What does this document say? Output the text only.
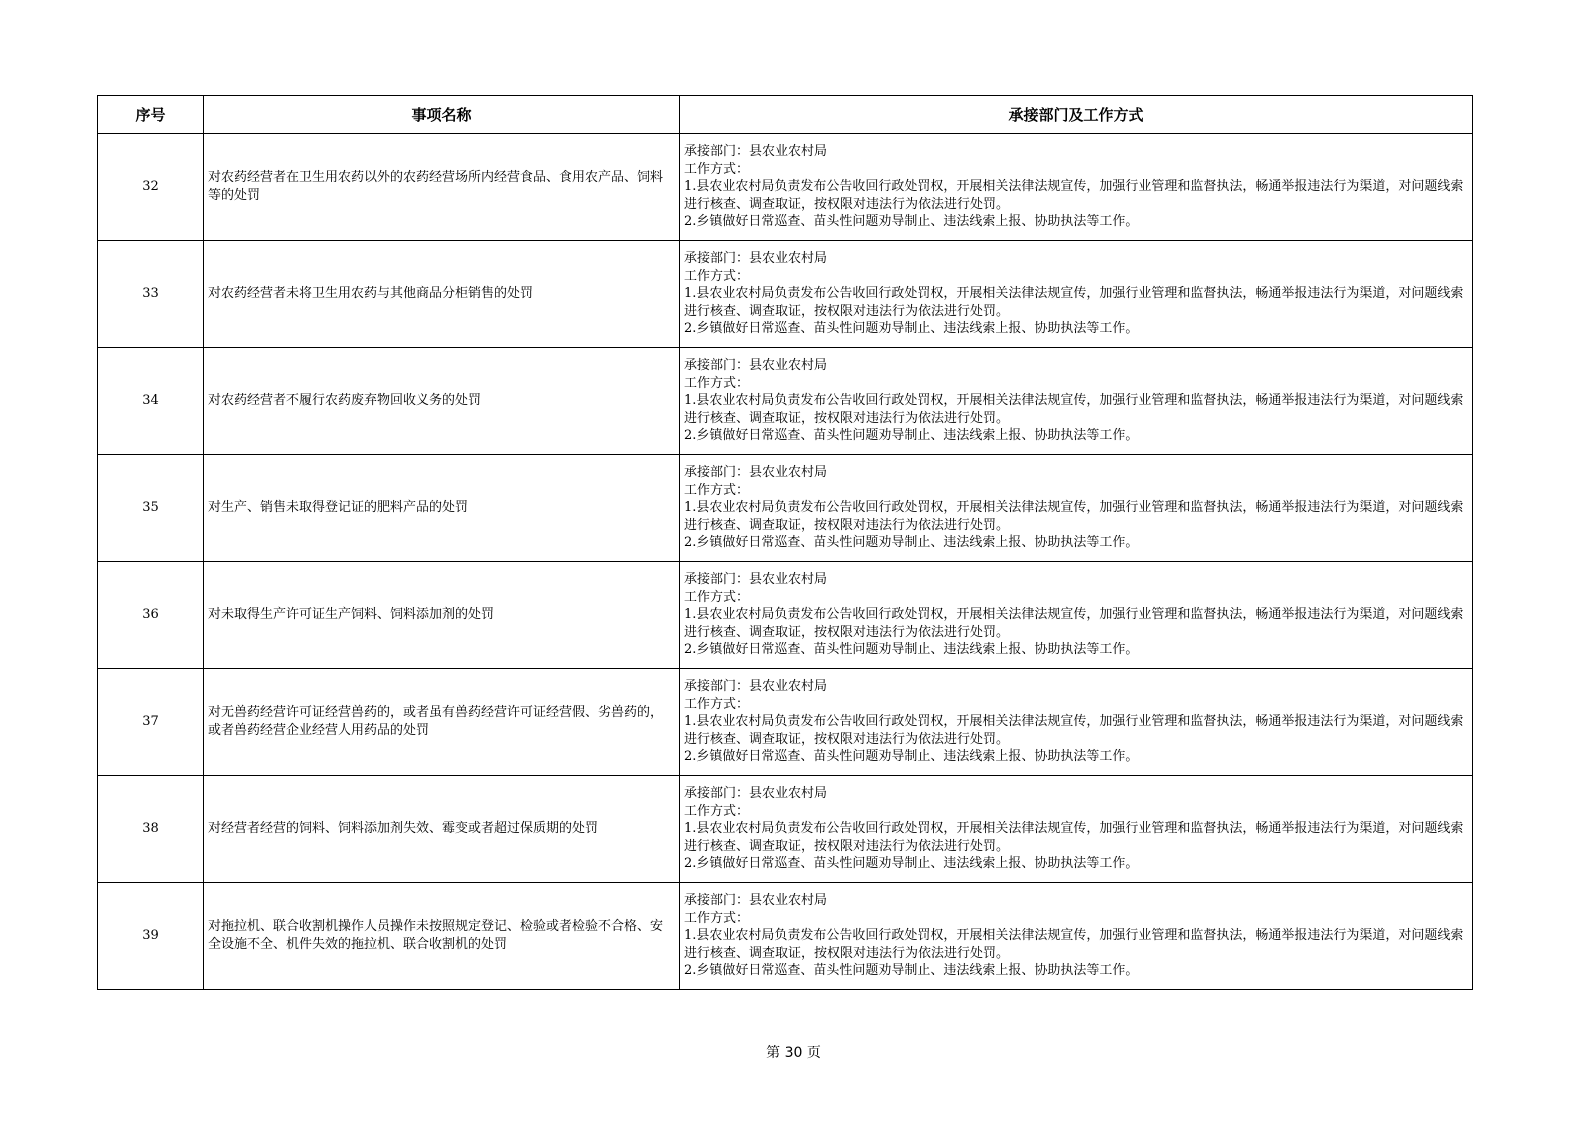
序号	事项名称	承接部门及工作方式
32	对农药经营者在卫生用农药以外的农药经营场所内经营食品、食用农产品、饲料等的处罚	承接部门：县农业农村局
工作方式：
1.县农业农村局负责发布公告收回行政处罚权，开展相关法律法规宣传，加强行业管理和监督执法，畅通举报违法行为渠道，对问题线索进行核查、调查取证，按权限对违法行为依法进行处罚。
2.乡镇做好日常巡查、苗头性问题劝导制止、违法线索上报、协助执法等工作。

33	对农药经营者未将卫生用农药与其他商品分柜销售的处罚	承接部门：县农业农村局
工作方式：
1.县农业农村局负责发布公告收回行政处罚权，开展相关法律法规宣传，加强行业管理和监督执法，畅通举报违法行为渠道，对问题线索进行核查、调查取证，按权限对违法行为依法进行处罚。
2.乡镇做好日常巡查、苗头性问题劝导制止、违法线索上报、协助执法等工作。

34	对农药经营者不履行农药废弃物回收义务的处罚	承接部门：县农业农村局
工作方式：
1.县农业农村局负责发布公告收回行政处罚权，开展相关法律法规宣传，加强行业管理和监督执法，畅通举报违法行为渠道，对问题线索进行核查、调查取证，按权限对违法行为依法进行处罚。
2.乡镇做好日常巡查、苗头性问题劝导制止、违法线索上报、协助执法等工作。

35	对生产、销售未取得登记证的肥料产品的处罚	承接部门：县农业农村局
工作方式：
1.县农业农村局负责发布公告收回行政处罚权，开展相关法律法规宣传，加强行业管理和监督执法，畅通举报违法行为渠道，对问题线索进行核查、调查取证，按权限对违法行为依法进行处罚。
2.乡镇做好日常巡查、苗头性问题劝导制止、违法线索上报、协助执法等工作。

36	对未取得生产许可证生产饲料、饲料添加剂的处罚	承接部门：县农业农村局
工作方式：
1.县农业农村局负责发布公告收回行政处罚权，开展相关法律法规宣传，加强行业管理和监督执法，畅通举报违法行为渠道，对问题线索进行核查、调查取证，按权限对违法行为依法进行处罚。
2.乡镇做好日常巡查、苗头性问题劝导制止、违法线索上报、协助执法等工作。

37	对无兽药经营许可证经营兽药的，或者虽有兽药经营许可证经营假、劣兽药的，或者兽药经营企业经营人用药品的处罚	承接部门：县农业农村局
工作方式：
1.县农业农村局负责发布公告收回行政处罚权，开展相关法律法规宣传，加强行业管理和监督执法，畅通举报违法行为渠道，对问题线索进行核查、调查取证，按权限对违法行为依法进行处罚。
2.乡镇做好日常巡查、苗头性问题劝导制止、违法线索上报、协助执法等工作。

38	对经营者经营的饲料、饲料添加剂失效、霉变或者超过保质期的处罚	承接部门：县农业农村局
工作方式：
1.县农业农村局负责发布公告收回行政处罚权，开展相关法律法规宣传，加强行业管理和监督执法，畅通举报违法行为渠道，对问题线索进行核查、调查取证，按权限对违法行为依法进行处罚。
2.乡镇做好日常巡查、苗头性问题劝导制止、违法线索上报、协助执法等工作。

39	对拖拉机、联合收割机操作人员操作未按照规定登记、检验或者检验不合格、安全设施不全、机件失效的拖拉机、联合收割机的处罚	承接部门：县农业农村局
工作方式：
1.县农业农村局负责发布公告收回行政处罚权，开展相关法律法规宣传，加强行业管理和监督执法，畅通举报违法行为渠道，对问题线索进行核查、调查取证，按权限对违法行为依法进行处罚。
2.乡镇做好日常巡查、苗头性问题劝导制止、违法线索上报、协助执法等工作。
第 30 页
